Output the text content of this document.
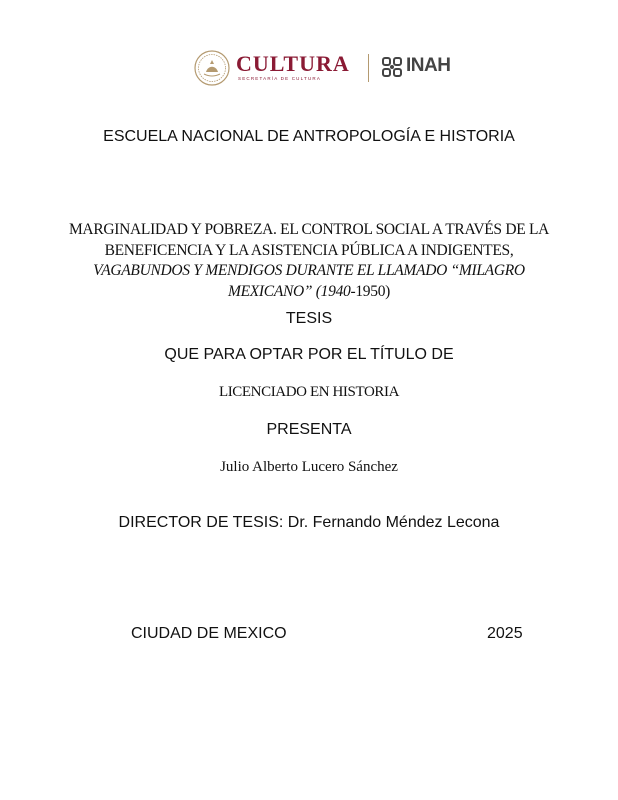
CULTURA
SECRETARÍA DE CULTURA
INAH
ESCUELA NACIONAL DE ANTROPOLOGÍA E HISTORIA
MARGINALIDAD Y POBREZA. EL CONTROL SOCIAL A TRAVÉS DE LA
BENEFICENCIA Y LA ASISTENCIA PÚBLICA A INDIGENTES,
VAGABUNDOS Y MENDIGOS DURANTE EL LLAMADO “MILAGRO
MEXICANO” (1940-1950)
TESIS
QUE PARA OPTAR POR EL TÍTULO DE
LICENCIADO EN HISTORIA
PRESENTA
Julio Alberto Lucero Sánchez
DIRECTOR DE TESIS: Dr. Fernando Méndez Lecona
CIUDAD DE MEXICO	2025
